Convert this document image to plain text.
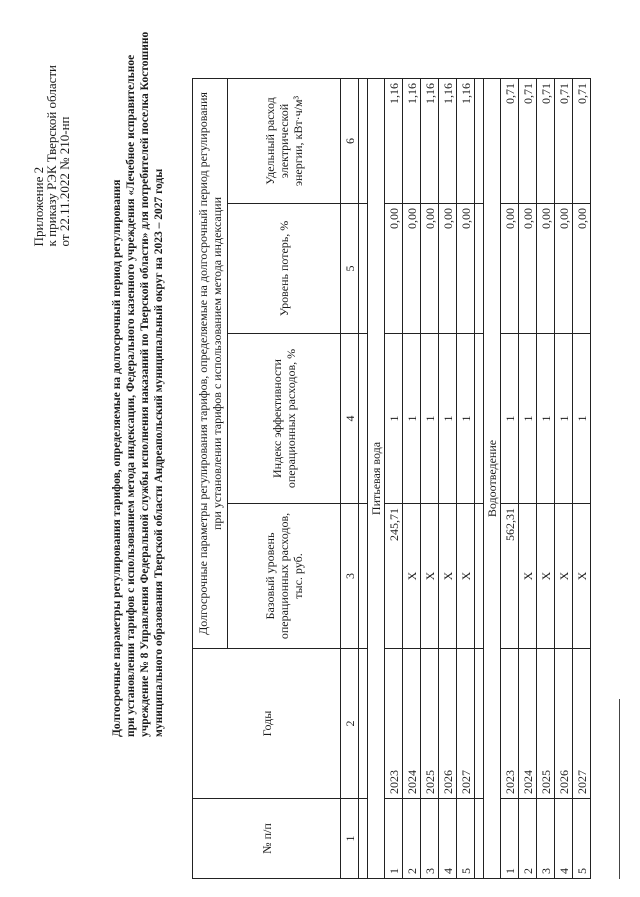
Приложение 2
к приказу РЭК Тверской области
от 22.11.2022 № 210-нп	Долгосрочные параметры регулирования тарифов, определяемые на долгосрочный период регулирования при установлении тарифов с использованием метода индексации, Федерального казенного учреждения «Лечебное исправительное учреждение № 8 Управления Федеральной службы исполнения наказаний по Тверской области» для потребителей поселка Костошино муниципального образования Тверской области Андреапольский муниципальный округ на 2023 – 2027 годы
№ п/п	Годы	Долгосрочные параметры регулирования тарифов, определяемые на долгосрочный период регулирования при установлении тарифов с использованием метода индексации			
		Базовый уровень операционных расходов, тыс. руб.	Индекс эффективности операционных расходов, %	Уровень потерь, %	Удельный расход электрической энергии, кВт·ч/м³
1	2	3	4	5	6

Питьевая вода					
1	2023	245,71	1	0,00	1,16
2	2024	X	1	0,00	1,16
3	2025	X	1	0,00	1,16
4	2026	X	1	0,00	1,16
5	2027	X	1	0,00	1,16

Водоотведение					
1	2023	562,31	1	0,00	0,71
2	2024	X	1	0,00	0,71
3	2025	X	1	0,00	0,71
4	2026	X	1	0,00	0,71
5	2027	X	1	0,00	0,71
